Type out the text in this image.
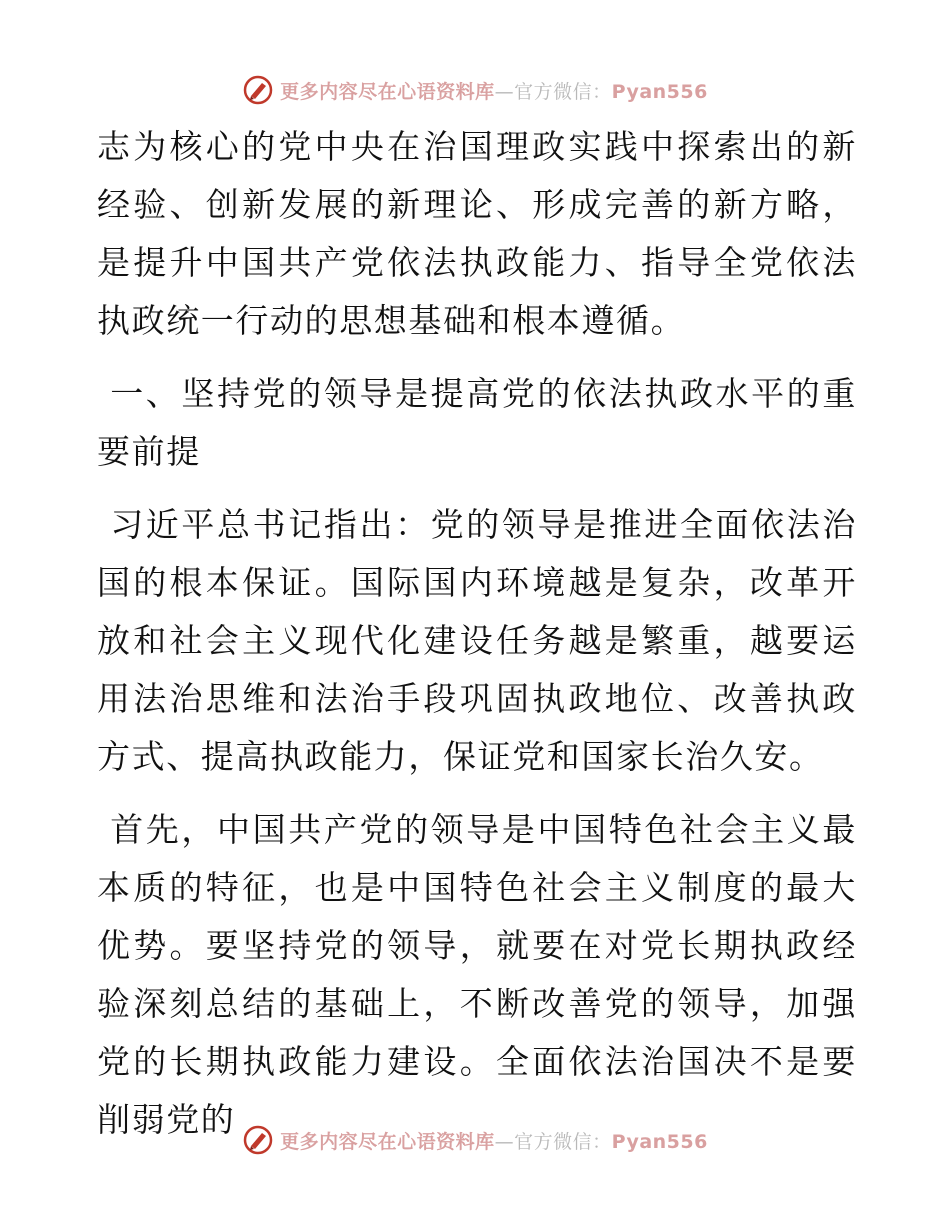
更多内容尽在心语资料库—官方微信：Pyan556

志为核心的党中央在治国理政实践中探索出的新经验、创新发展的新理论、形成完善的新方略，是提升中国共产党依法执政能力、指导全党依法执政统一行动的思想基础和根本遵循。

一、坚持党的领导是提高党的依法执政水平的重要前提

习近平总书记指出：党的领导是推进全面依法治国的根本保证。国际国内环境越是复杂，改革开放和社会主义现代化建设任务越是繁重，越要运用法治思维和法治手段巩固执政地位、改善执政方式、提高执政能力，保证党和国家长治久安。

首先，中国共产党的领导是中国特色社会主义最本质的特征，也是中国特色社会主义制度的最大优势。要坚持党的领导，就要在对党长期执政经验深刻总结的基础上，不断改善党的领导，加强党的长期执政能力建设。全面依法治国决不是要削弱党的

更多内容尽在心语资料库—官方微信：Pyan556
